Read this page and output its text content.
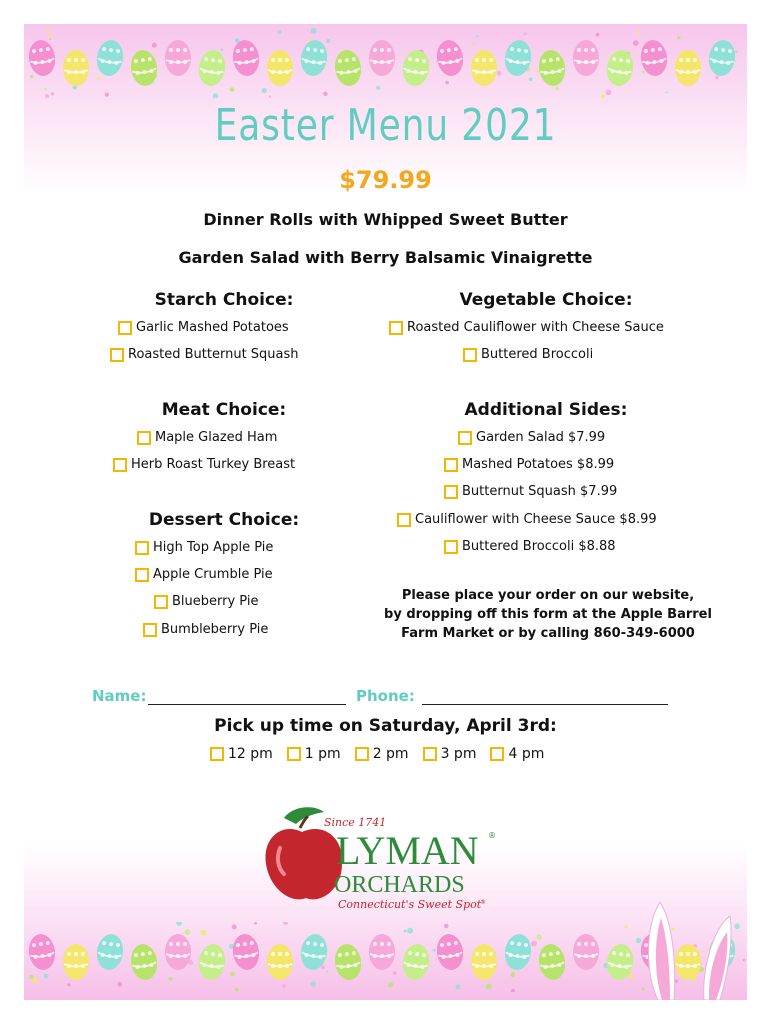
Easter Menu 2021
$79.99
Dinner Rolls with Whipped Sweet Butter
Garden Salad with Berry Balsamic Vinaigrette
Starch Choice:
Garlic Mashed Potatoes
Roasted Butternut Squash
Vegetable Choice:
Roasted Cauliflower with Cheese Sauce
Buttered Broccoli
Meat Choice:
Maple Glazed Ham
Herb Roast Turkey Breast
Additional Sides:
Garden Salad $7.99
Mashed Potatoes $8.99
Butternut Squash $7.99
Cauliflower with Cheese Sauce $8.99
Buttered Broccoli $8.88
Dessert Choice:
High Top Apple Pie
Apple Crumble Pie
Blueberry Pie
Bumbleberry Pie
Please place your order on our website,
by dropping off this form at the Apple Barrel
Farm Market or by calling 860-349-6000
Name:	Phone:
Pick up time on Saturday, April 3rd:
12 pm 1 pm 2 pm 3 pm 4 pm
Since 1741
LYMAN ®
ORCHARDS
Connecticut's Sweet Spot
®
